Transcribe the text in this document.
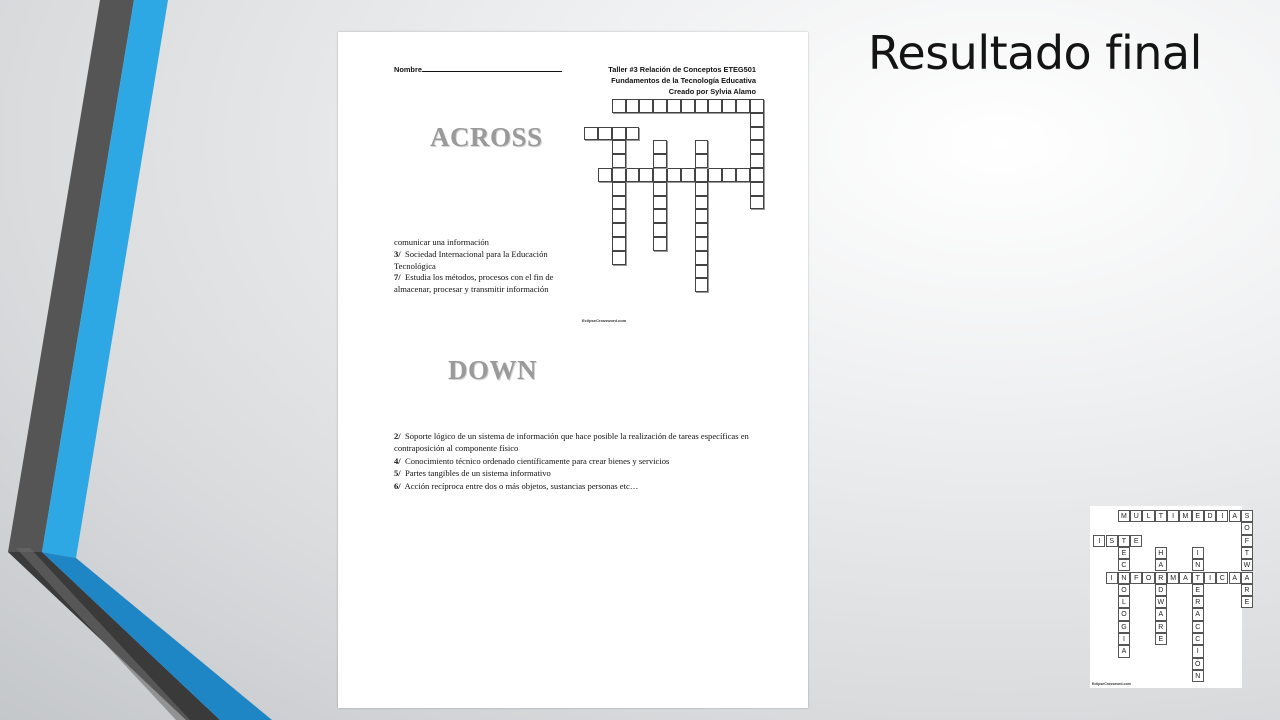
Resultado final
Nombre	Taller #3 Relación de Conceptos ETEG501
Fundamentos de la Tecnología Educativa
Creado por Sylvia Alamo
ACROSS
EclipseCrossword.com
comunicar una información
3/ Sociedad Internacional para la Educación Tecnológica
7/ Estudia los métodos, procesos con el fin de almacenar, procesar y transmitir información
DOWN
2/ Soporte lógico de un sistema de información que hace posible la realización de tareas específicas en contraposición al componente físico
4/ Conocimiento técnico ordenado científicamente para crear bienes y servicios
5/ Partes tangibles de un sistema informativo
6/ Acción recíproca entre dos o más objetos, sustancias personas etc…
M U	L	T	I	M	E	D	I	A	S
I	S	T	E
I	N	F	O	R M	A	T	I	C	A
O
F
T
W
A
R
E
E
C
O
L
O
G
I
A
H
A
D
W
A
R
E
I
N
E
R
A
C
C
I
Ó
N
EclipseCrossword.com
